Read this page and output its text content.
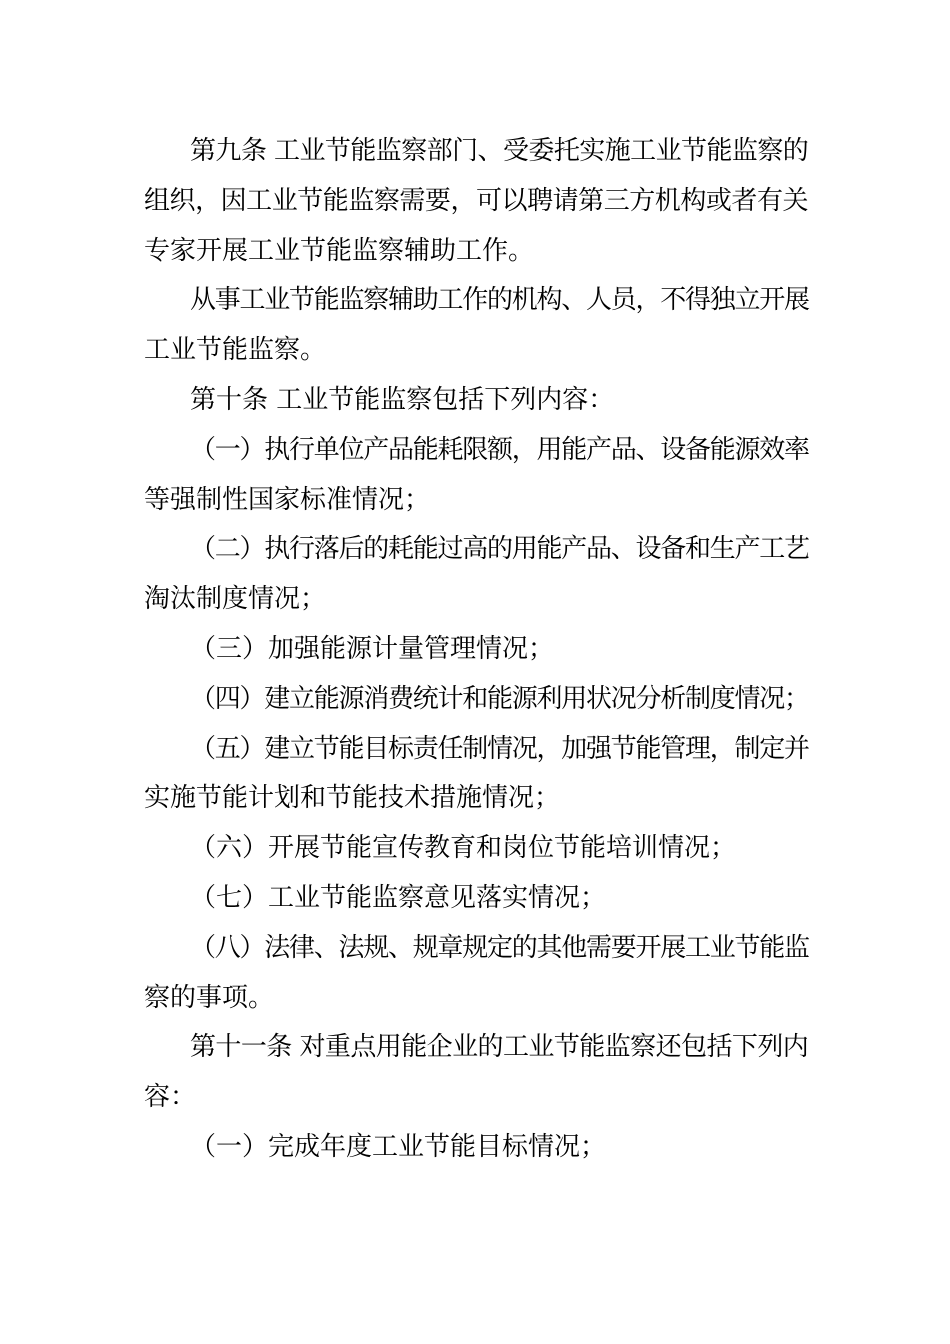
第九条 工业节能监察部门、受委托实施工业节能监察的
组织，因工业节能监察需要，可以聘请第三方机构或者有关
专家开展工业节能监察辅助工作。
从事工业节能监察辅助工作的机构、人员，不得独立开展
工业节能监察。
第十条 工业节能监察包括下列内容：
（一）执行单位产品能耗限额，用能产品、设备能源效率
等强制性国家标准情况；
（二）执行落后的耗能过高的用能产品、设备和生产工艺
淘汰制度情况；
（三）加强能源计量管理情况；
（四）建立能源消费统计和能源利用状况分析制度情况；
（五）建立节能目标责任制情况，加强节能管理，制定并
实施节能计划和节能技术措施情况；
（六）开展节能宣传教育和岗位节能培训情况；
（七）工业节能监察意见落实情况；
（八）法律、法规、规章规定的其他需要开展工业节能监
察的事项。
第十一条 对重点用能企业的工业节能监察还包括下列内
容：
（一）完成年度工业节能目标情况；
